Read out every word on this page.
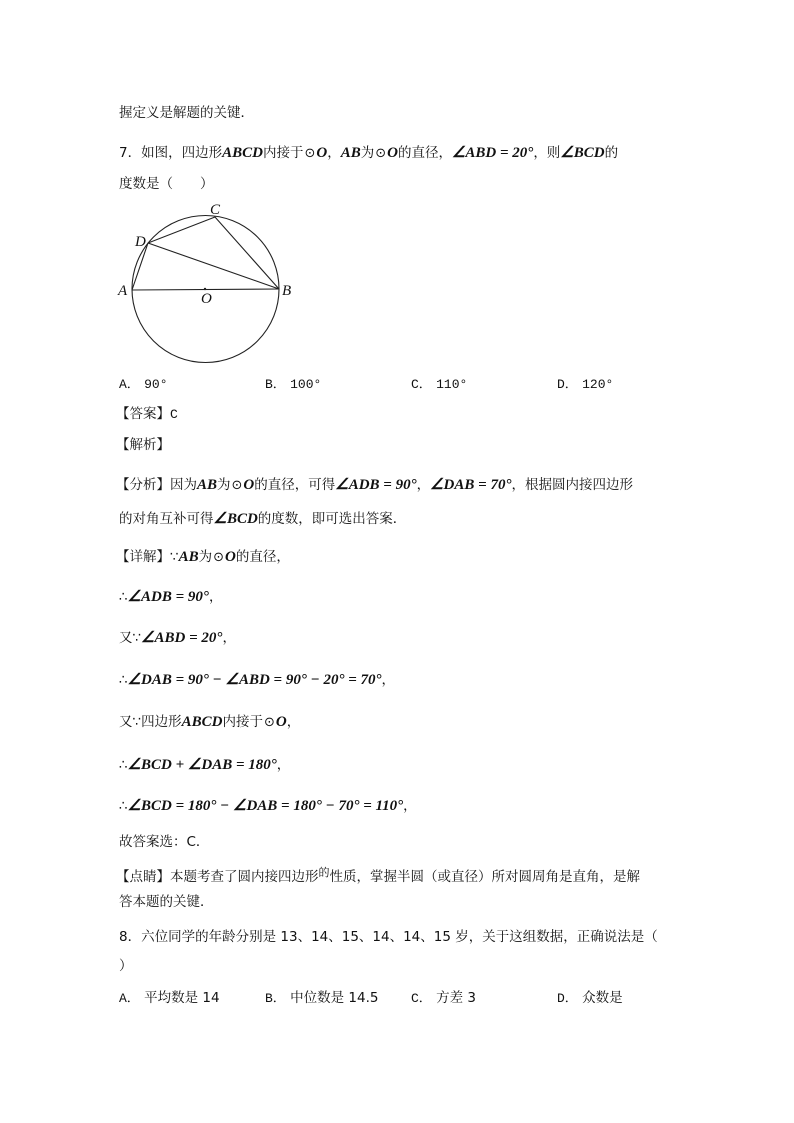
握定义是解题的关键．
7．如图，四边形ABCD内接于⊙O，AB为⊙O的直径，∠ABD = 20°，则∠BCD的
度数是（　　）
A	B
C
D
O
A． 90°	B． 100°	C． 110°	D． 120°
【答案】C
【解析】
【分析】因为AB为⊙O的直径，可得∠ADB = 90°，∠DAB = 70°，根据圆内接四边形
的对角互补可得∠BCD的度数，即可选出答案．
【详解】∵AB为⊙O的直径，
∴∠ADB = 90°，
又∵∠ABD = 20°，
∴∠DAB = 90° − ∠ABD = 90° − 20° = 70°，
又∵四边形ABCD内接于⊙O，
∴∠BCD + ∠DAB = 180°，
∴∠BCD = 180° − ∠DAB = 180° − 70° = 110°，
故答案选：C．
【点睛】本题考查了圆内接四边形$^的$性质，掌握半圆（或直径）所对圆周角是直角，是解
答本题的关键．
8．六位同学的年龄分别是 13、14、15、14、14、15 岁，关于这组数据，正确说法是（
）
A． 平均数是 14	B． 中位数是 14.5	C． 方差 3	D． 众数是
